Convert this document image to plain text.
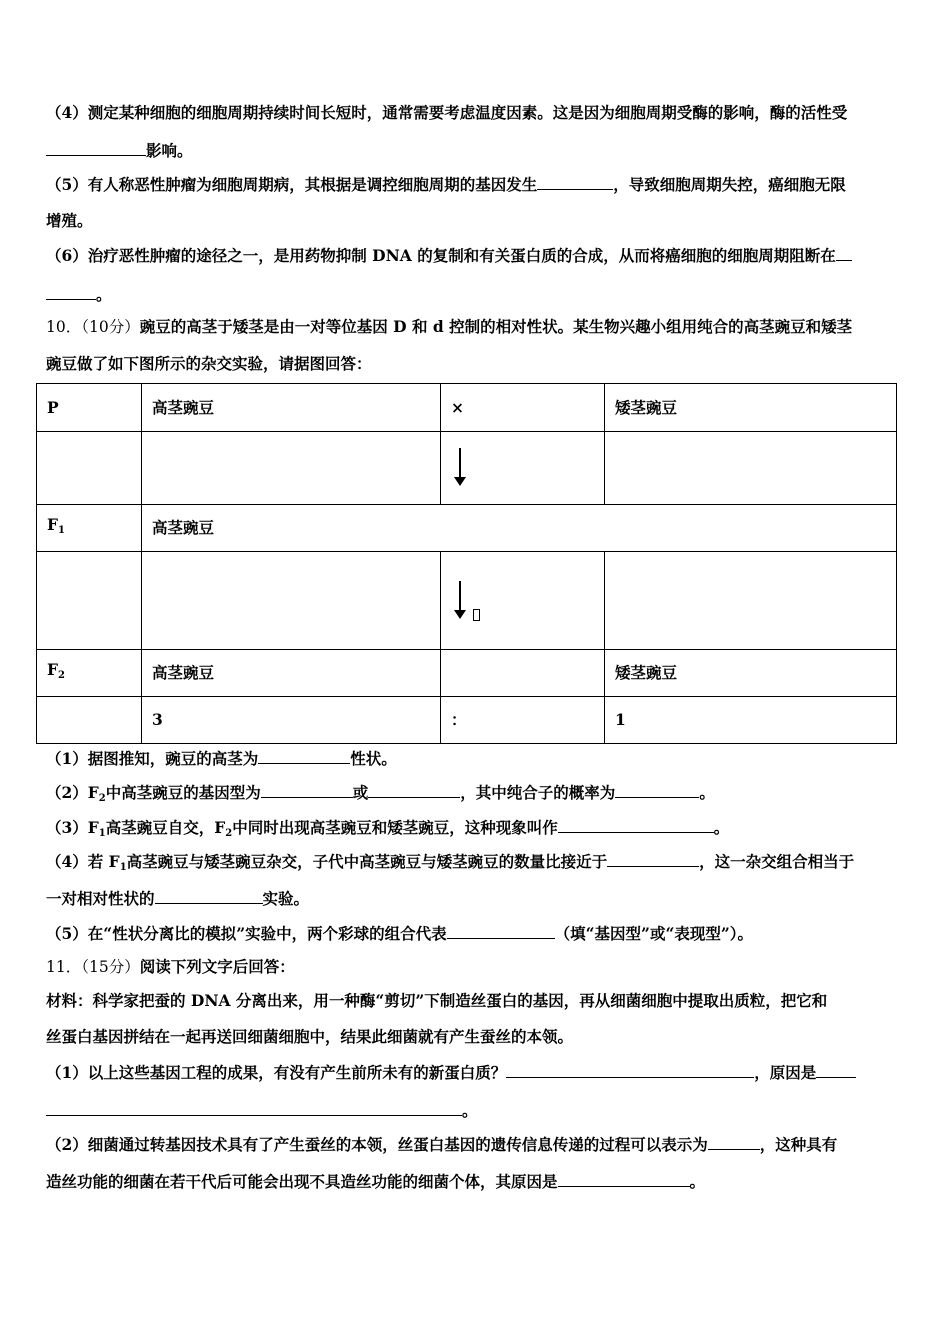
（4）测定某种细胞的细胞周期持续时间长短时，通常需要考虑温度因素。这是因为细胞周期受酶的影响，酶的活性受
影响。
（5）有人称恶性肿瘤为细胞周期病，其根据是调控细胞周期的基因发生	，导致细胞周期失控，癌细胞无限
增殖。
（6）治疗恶性肿瘤的途径之一，是用药物抑制 DNA 的复制和有关蛋白质的合成，从而将癌细胞的细胞周期阻断在
。
10．（10分）豌豆的高茎于矮茎是由一对等位基因 D 和 d 控制的相对性状。某生物兴趣小组用纯合的高茎豌豆和矮茎
豌豆做了如下图所示的杂交实验，请据图回答：
P	高茎豌豆	×	矮茎豌豆

$F_1$	高茎豌豆		

$F_2$	高茎豌豆		矮茎豌豆
	3	：	1
（1）据图推知，豌豆的高茎为	性状。
$(2)F_2$中高茎豌豆的基因型为	或	，其中纯合子的概率为	。
$(3)F_1$高茎豌豆自交，$F_2$中同时出现高茎豌豆和矮茎豌豆，这种现象叫作	。
（4）若 $F_1$高茎豌豆与矮茎豌豆杂交，子代中高茎豌豆与矮茎豌豆的数量比接近于	，这一杂交组合相当于
一对相对性状的	实验。
（5）在“性状分离比的模拟”实验中，两个彩球的组合代表	（填“基因型”或“表现型”）。
11．（15分）阅读下列文字后回答：
材料：科学家把蚕的 DNA 分离出来，用一种酶“剪切”下制造丝蛋白的基因，再从细菌细胞中提取出质粒，把它和
丝蛋白基因拼结在一起再送回细菌细胞中，结果此细菌就有产生蚕丝的本领。
（1）以上这些基因工程的成果，有没有产生前所未有的新蛋白质？	，原因是
。
（2）细菌通过转基因技术具有了产生蚕丝的本领，丝蛋白基因的遗传信息传递的过程可以表示为	，这种具有
造丝功能的细菌在若干代后可能会出现不具造丝功能的细菌个体，其原因是	。
